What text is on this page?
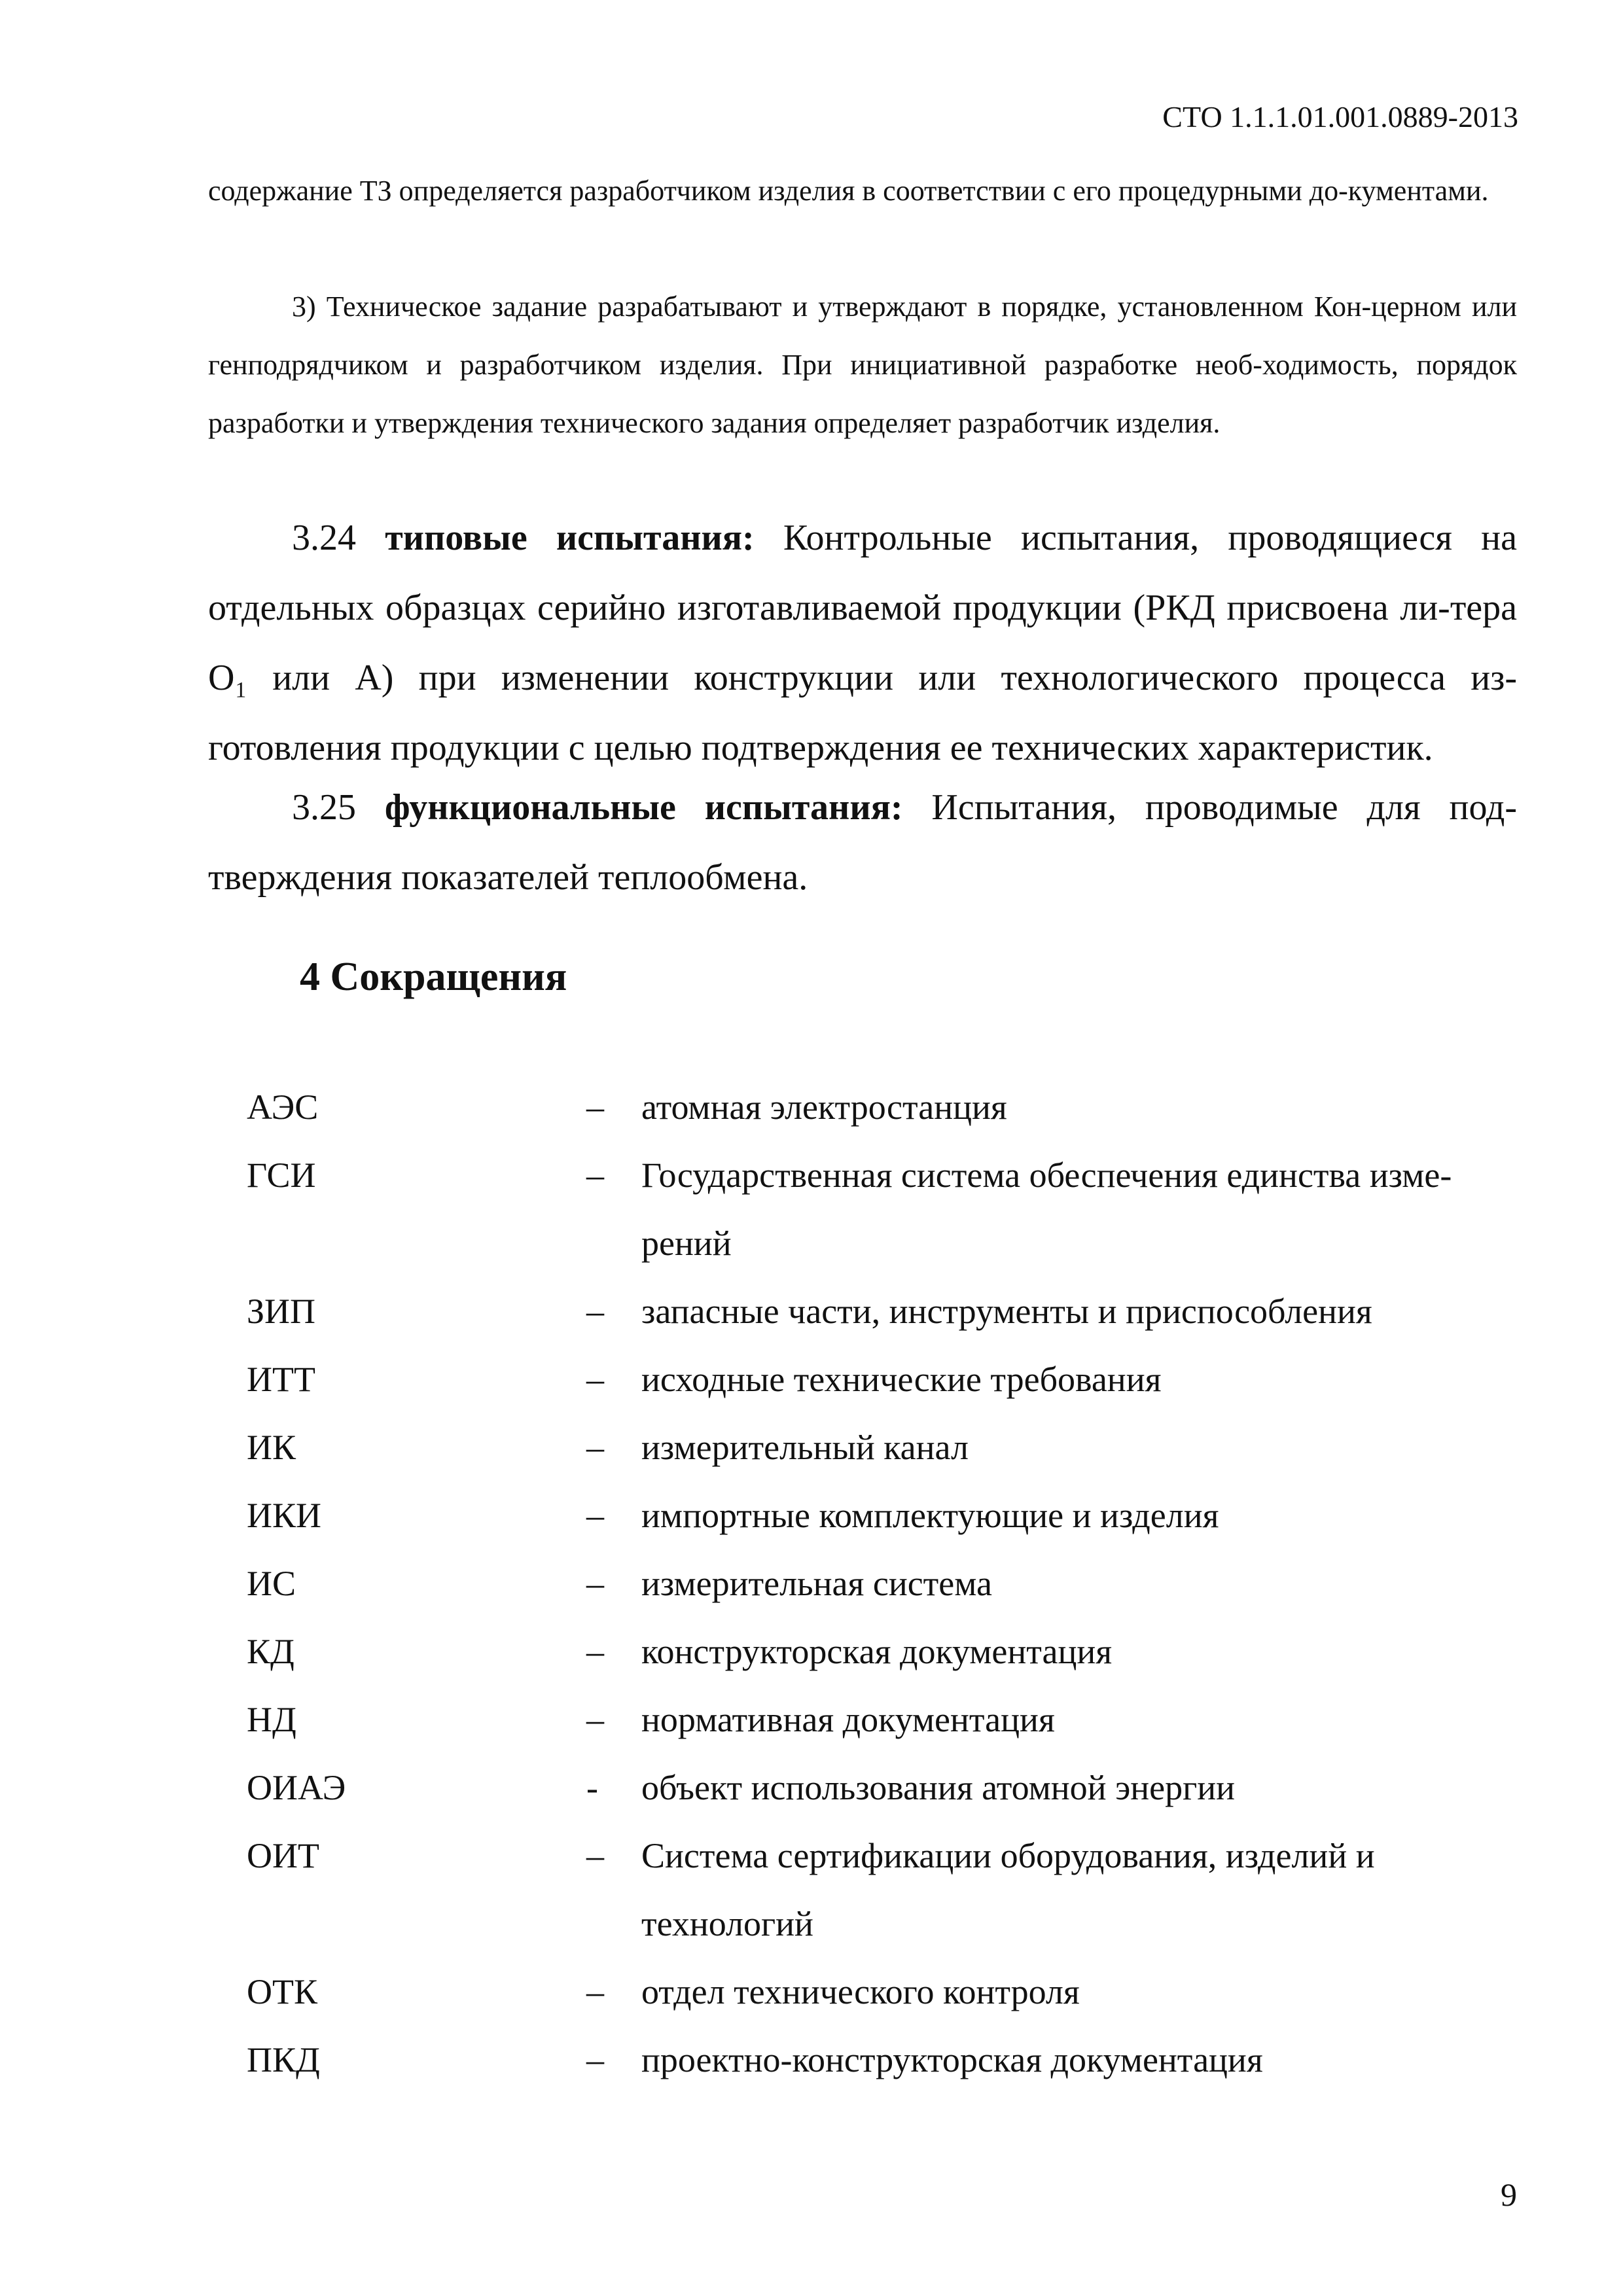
СТО 1.1.1.01.001.0889-2013
содержание ТЗ определяется разработчиком изделия в соответствии с его процедурными до-кументами.
3) Техническое задание разрабатывают и утверждают в порядке, установленном Кон-церном или генподрядчиком и разработчиком изделия. При инициативной разработке необ-ходимость, порядок разработки и утверждения технического задания определяет разработчик изделия.
3.24 типовые испытания: Контрольные испытания, проводящиеся на отдельных образцах серийно изготавливаемой продукции (РКД присвоена ли-тера О₁ или А) при изменении конструкции или технологического процесса из-готовления продукции с целью подтверждения ее технических характеристик.
3.25 функциональные испытания: Испытания, проводимые для под-тверждения показателей теплообмена.
4 Сокращения
АЭС	– атомная электростанция
ГСИ	– Государственная система обеспечения единства изме-рений
ЗИП	– запасные части, инструменты и приспособления
ИТТ	– исходные технические требования
ИК	– измерительный канал
ИКИ	– импортные комплектующие и изделия
ИС	– измерительная система
КД	– конструкторская документация
НД	– нормативная документация
ОИАЭ	- объект использования атомной энергии
ОИТ	– Система сертификации оборудования, изделий и технологий
ОТК	– отдел технического контроля
ПКД	– проектно-конструкторская документация
9
